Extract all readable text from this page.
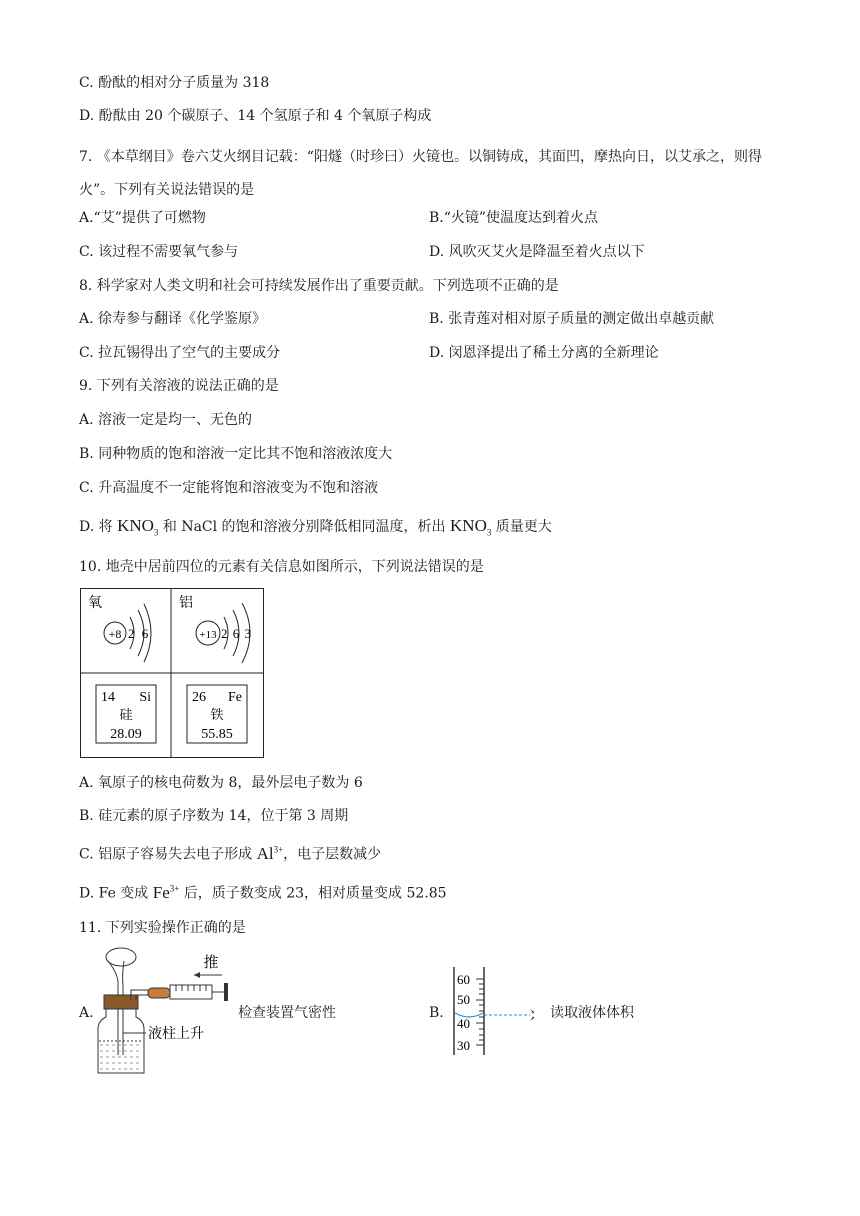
C. 酚酞的相对分子质量为 318
D. 酚酞由 20 个碳原子、14 个氢原子和 4 个氧原子构成
7. 《本草纲目》卷六艾火纲目记载：“阳燧（时珍曰）火镜也。以铜铸成，其面凹，摩热向日，以艾承之，则得火”。下列有关说法错误的是
A.“艾”提供了可燃物	B.“火镜”使温度达到着火点
C. 该过程不需要氧气参与	D. 风吹灭艾火是降温至着火点以下
8. 科学家对人类文明和社会可持续发展作出了重要贡献。下列选项不正确的是
A. 徐寿参与翻译《化学鉴原》	B. 张青莲对相对原子质量的测定做出卓越贡献
C. 拉瓦锡得出了空气的主要成分	D. 闵恩泽提出了稀土分离的全新理论
9. 下列有关溶液的说法正确的是
A. 溶液一定是均一、无色的
B. 同种物质的饱和溶液一定比其不饱和溶液浓度大
C. 升高温度不一定能将饱和溶液变为不饱和溶液
D. 将 $KNO_3$ 和 NaCl 的饱和溶液分别降低相同温度，析出 $KNO_3$ 质量更大
10. 地壳中居前四位的元素有关信息如图所示，下列说法错误的是
氧
+8 2 6
铝
+13 2 6 3
14 Si
硅
28.09
26 Fe
铁
55.85
A. 氧原子的核电荷数为 8，最外层电子数为 6
B. 硅元素的原子序数为 14，位于第 3 周期
C. 铝原子容易失去电子形成 $Al^{3+}$，电子层数减少
D. Fe 变成 $Fe^{3+}$ 后，质子数变成 23，相对质量变成 52.85
11. 下列实验操作正确的是
A.
推
液柱上升
检查装置气密性	B.
60
50
40
30
读取液体体积
